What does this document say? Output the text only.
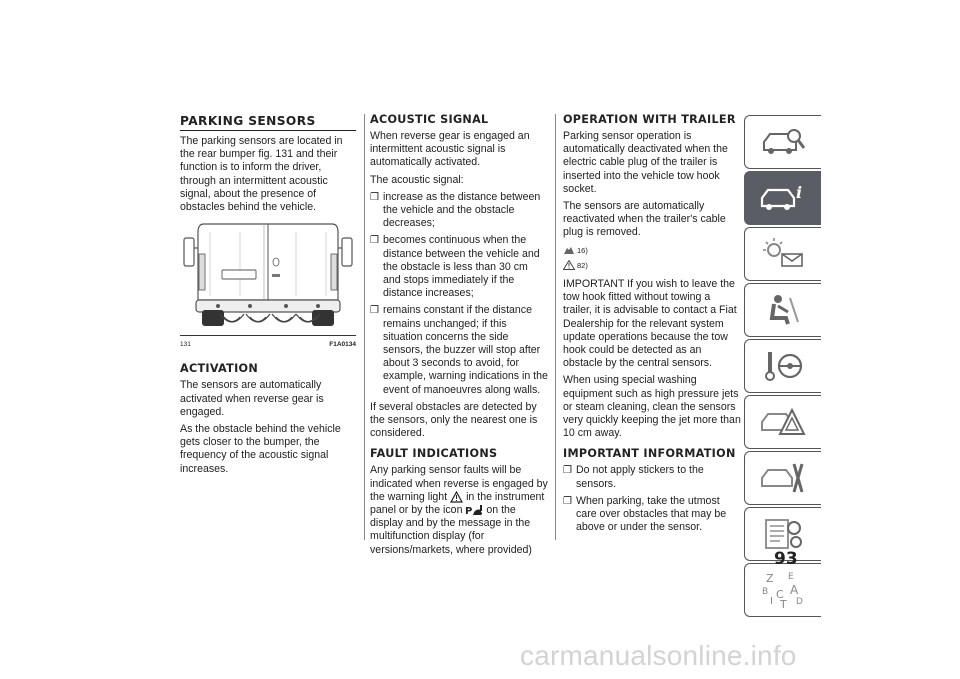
PARKING SENSORS

The parking sensors are located in the rear bumper fig. 131 and their function is to inform the driver, through an intermittent acoustic signal, about the presence of obstacles behind the vehicle.

131	F1A0134
ACTIVATION

The sensors are automatically activated when reverse gear is engaged.

As the obstacle behind the vehicle gets closer to the bumper, the frequency of the acoustic signal increases.

ACOUSTIC SIGNAL

When reverse gear is engaged an intermittent acoustic signal is automatically activated.

The acoustic signal:

❐ increase as the distance between the vehicle and the obstacle decreases;
❐ becomes continuous when the distance between the vehicle and the obstacle is less than 30 cm and stops immediately if the distance increases;
❐ remains constant if the distance remains unchanged; if this situation concerns the side sensors, the buzzer will stop after about 3 seconds to avoid, for example, warning indications in the event of manoeuvres along walls.

If several obstacles are detected by the sensors, only the nearest one is considered.

FAULT INDICATIONS

Any parking sensor faults will be indicated when reverse is engaged by the warning light in the instrument panel or by the icon P on the display and by the message in the multifunction display (for versions/markets, where provided)

OPERATION WITH TRAILER

Parking sensor operation is automatically deactivated when the electric cable plug of the trailer is inserted into the vehicle tow hook socket.

The sensors are automatically reactivated when the trailer's cable plug is removed.

16)
82)

IMPORTANT If you wish to leave the tow hook fitted without towing a trailer, it is advisable to contact a Fiat Dealership for the relevant system update operations because the tow hook could be detected as an obstacle by the central sensors.

When using special washing equipment such as high pressure jets or steam cleaning, clean the sensors very quickly keeping the jet more than 10 cm away.

IMPORTANT INFORMATION
❐ Do not apply stickers to the sensors.
❐ When parking, take the utmost care over obstacles that may be above or under the sensor.
i
Z E
B A
I
C
T D
93
carmanualsonline.info
